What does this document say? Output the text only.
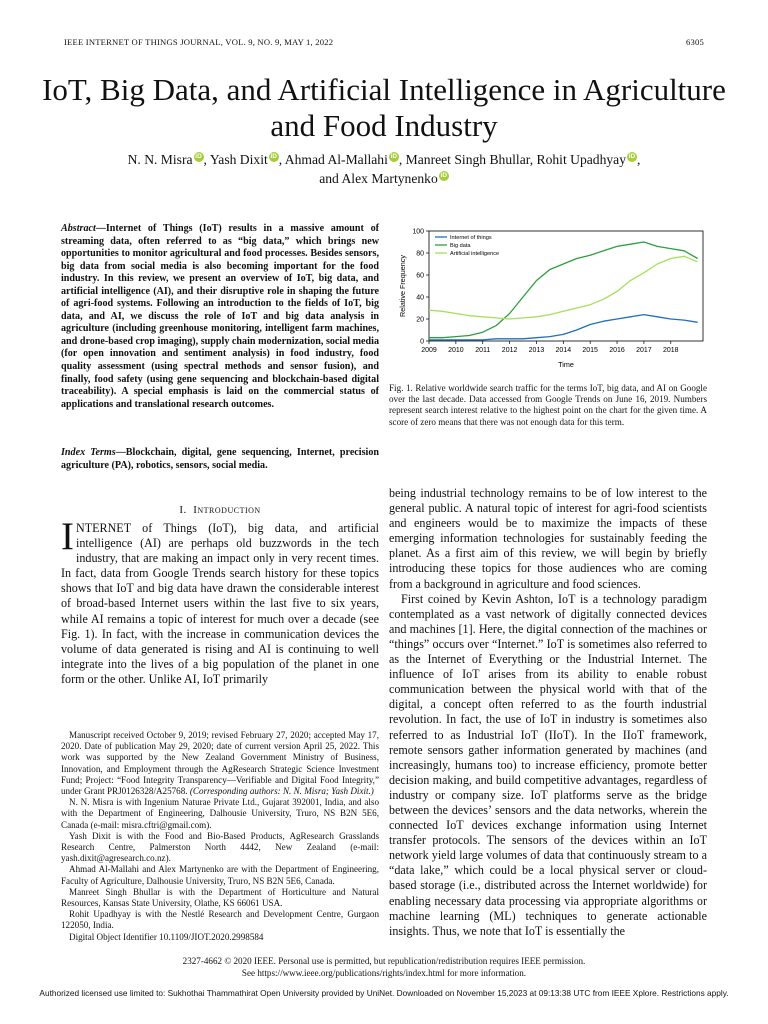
IEEE INTERNET OF THINGS JOURNAL, VOL. 9, NO. 9, MAY 1, 2022	6305
IoT, Big Data, and Artificial Intelligence in Agriculture and Food Industry
N. N. Misra iD , Yash Dixit iD , Ahmad Al-Mallahi iD , Manreet Singh Bhullar, Rohit Upadhyay iD ,
and Alex Martynenko iD
Abstract—Internet of Things (IoT) results in a massive amount of streaming data, often referred to as “big data,” which brings new opportunities to monitor agricultural and food processes. Besides sensors, big data from social media is also becoming important for the food industry. In this review, we present an overview of IoT, big data, and artificial intelligence (AI), and their disruptive role in shaping the future of agri-food systems. Following an introduction to the fields of IoT, big data, and AI, we discuss the role of IoT and big data analysis in agriculture (including greenhouse monitoring, intelligent farm machines, and drone-based crop imaging), supply chain modernization, social media (for open innovation and sentiment analysis) in food industry, food quality assessment (using spectral methods and sensor fusion), and finally, food safety (using gene sequencing and blockchain-based digital traceability). A special emphasis is laid on the commercial status of applications and translational research outcomes.
Index Terms—Blockchain, digital, gene sequencing, Internet, precision agriculture (PA), robotics, sensors, social media.
I. Introduction
INTERNET of Things (IoT), big data, and artificial intelligence (AI) are perhaps old buzzwords in the tech industry, that are making an impact only in very recent times. In fact, data from Google Trends search history for these topics shows that IoT and big data have drawn the considerable interest of broad-based Internet users within the last five to six years, while AI remains a topic of interest for much over a decade (see Fig. 1). In fact, with the increase in communication devices the volume of data generated is rising and AI is continuing to well integrate into the lives of a big population of the planet in one form or the other. Unlike AI, IoT primarily

Manuscript received October 9, 2019; revised February 27, 2020; accepted May 17, 2020. Date of publication May 29, 2020; date of current version April 25, 2022. This work was supported by the New Zealand Government Ministry of Business, Innovation, and Employment through the AgResearch Strategic Science Investment Fund; Project: “Food Integrity Transparency—Verifiable and Digital Food Integrity,” under Grant PRJ0126328/A25768. (Corresponding authors: N. N. Misra; Yash Dixit.)

N. N. Misra is with Ingenium Naturae Private Ltd., Gujarat 392001, India, and also with the Department of Engineering, Dalhousie University, Truro, NS B2N 5E6, Canada (e-mail: misra.cftri@gmail.com).

Yash Dixit is with the Food and Bio-Based Products, AgResearch Grasslands Research Centre, Palmerston North 4442, New Zealand (e-mail: yash.dixit@agresearch.co.nz).

Ahmad Al-Mallahi and Alex Martynenko are with the Department of Engineering, Faculty of Agriculture, Dalhousie University, Truro, NS B2N 5E6, Canada.

Manreet Singh Bhullar is with the Department of Horticulture and Natural Resources, Kansas State University, Olathe, KS 66061 USA.

Rohit Upadhyay is with the Nestlé Research and Development Centre, Gurgaon 122050, India.

Digital Object Identifier 10.1109/JIOT.2020.2998584

0
20
40
60
80
100
2009 2010 2011 2012 2013 2014 2015 2016 2017 2018
Time
Relative Frequency
Internet of things
Big data
Artificial intelligence
Fig. 1. Relative worldwide search traffic for the terms IoT, big data, and AI on Google over the last decade. Data accessed from Google Trends on June 16, 2019. Numbers represent search interest relative to the highest point on the chart for the given time. A score of zero means that there was not enough data for this term.

being industrial technology remains to be of low interest to the general public. A natural topic of interest for agri-food scientists and engineers would be to maximize the impacts of these emerging information technologies for sustainably feeding the planet. As a first aim of this review, we will begin by briefly introducing these topics for those audiences who are coming from a background in agriculture and food sciences.

First coined by Kevin Ashton, IoT is a technology paradigm contemplated as a vast network of digitally connected devices and machines [1]. Here, the digital connection of the machines or “things” occurs over “Internet.” IoT is sometimes also referred to as the Internet of Everything or the Industrial Internet. The influence of IoT arises from its ability to enable robust communication between the physical world with that of the digital, a concept often referred to as the fourth industrial revolution. In fact, the use of IoT in industry is sometimes also referred to as Industrial IoT (IIoT). In the IIoT framework, remote sensors gather information generated by machines (and increasingly, humans too) to increase efficiency, promote better decision making, and build competitive advantages, regardless of industry or company size. IoT platforms serve as the bridge between the devices’ sensors and the data networks, wherein the connected IoT devices exchange information using Internet transfer protocols. The sensors of the devices within an IoT network yield large volumes of data that continuously stream to a “data lake,” which could be a local physical server or cloud-based storage (i.e., distributed across the Internet worldwide) for enabling necessary data processing via appropriate algorithms or machine learning (ML) techniques to generate actionable insights. Thus, we note that IoT is essentially the

2327-4662 © 2020 IEEE. Personal use is permitted, but republication/redistribution requires IEEE permission.
See https://www.ieee.org/publications/rights/index.html for more information.
Authorized licensed use limited to: Sukhothai Thammathirat Open University provided by UniNet. Downloaded on November 15,2023 at 09:13:38 UTC from IEEE Xplore. Restrictions apply.
